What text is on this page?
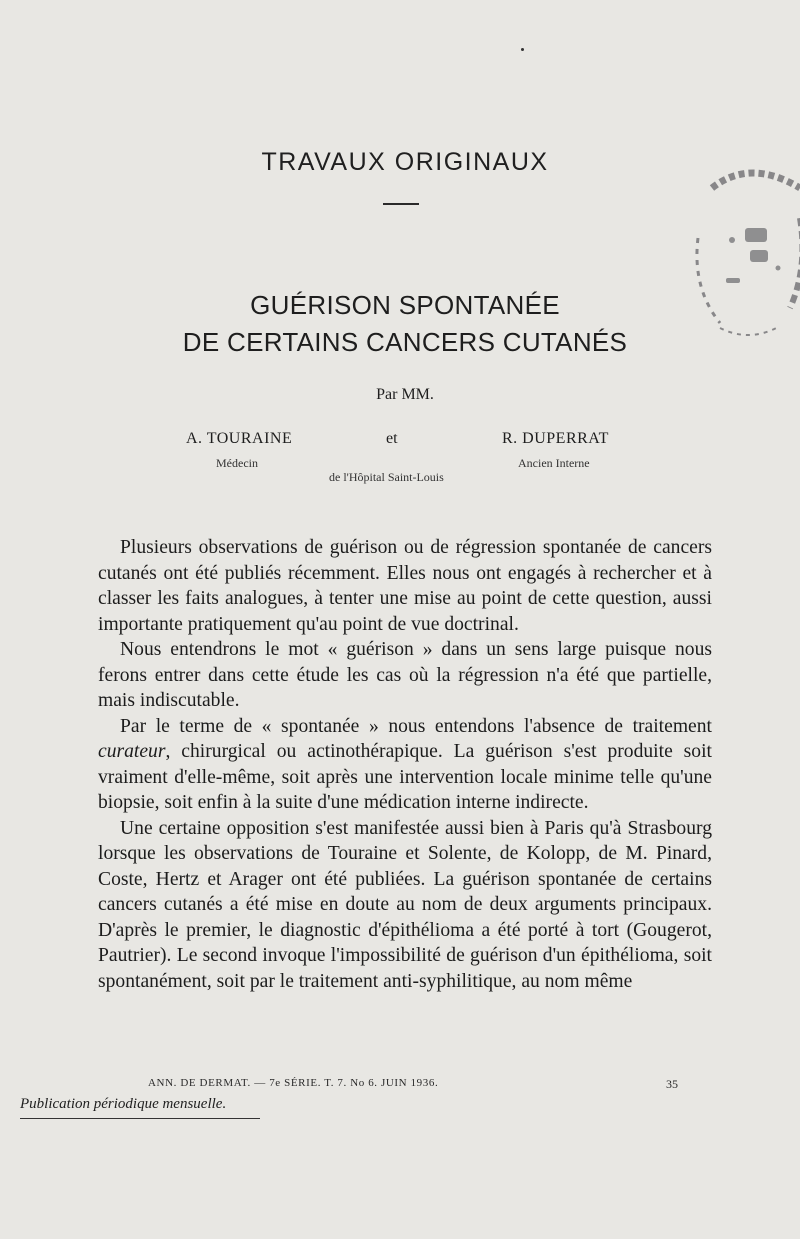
TRAVAUX ORIGINAUX
GUÉRISON SPONTANÉE
DE CERTAINS CANCERS CUTANÉS
Par MM.
A. TOURAINE	et	R. DUPERRAT
Médecin	Ancien Interne
de l'Hôpital Saint-Louis

Plusieurs observations de guérison ou de régression spontanée de cancers cutanés ont été publiés récemment. Elles nous ont engagés à rechercher et à classer les faits analogues, à tenter une mise au point de cette question, aussi importante pratiquement qu'au point de vue doctrinal.

Nous entendrons le mot « guérison » dans un sens large puisque nous ferons entrer dans cette étude les cas où la régression n'a été que partielle, mais indiscutable.

Par le terme de « spontanée » nous entendons l'absence de traitement curateur, chirurgical ou actinothérapique. La guérison s'est produite soit vraiment d'elle-même, soit après une intervention locale minime telle qu'une biopsie, soit enfin à la suite d'une médication interne indirecte.

Une certaine opposition s'est manifestée aussi bien à Paris qu'à Strasbourg lorsque les observations de Touraine et Solente, de Kolopp, de M. Pinard, Coste, Hertz et Arager ont été publiées. La guérison spontanée de certains cancers cutanés a été mise en doute au nom de deux arguments principaux. D'après le premier, le diagnostic d'épithélioma a été porté à tort (Gougerot, Pautrier). Le second invoque l'impossibilité de guérison d'un épithélioma, soit spontanément, soit par le traitement anti-syphilitique, au nom même

ANN. DE DERMAT. — 7e SÉRIE. T. 7. No 6. JUIN 1936.	35
Publication périodique mensuelle.
